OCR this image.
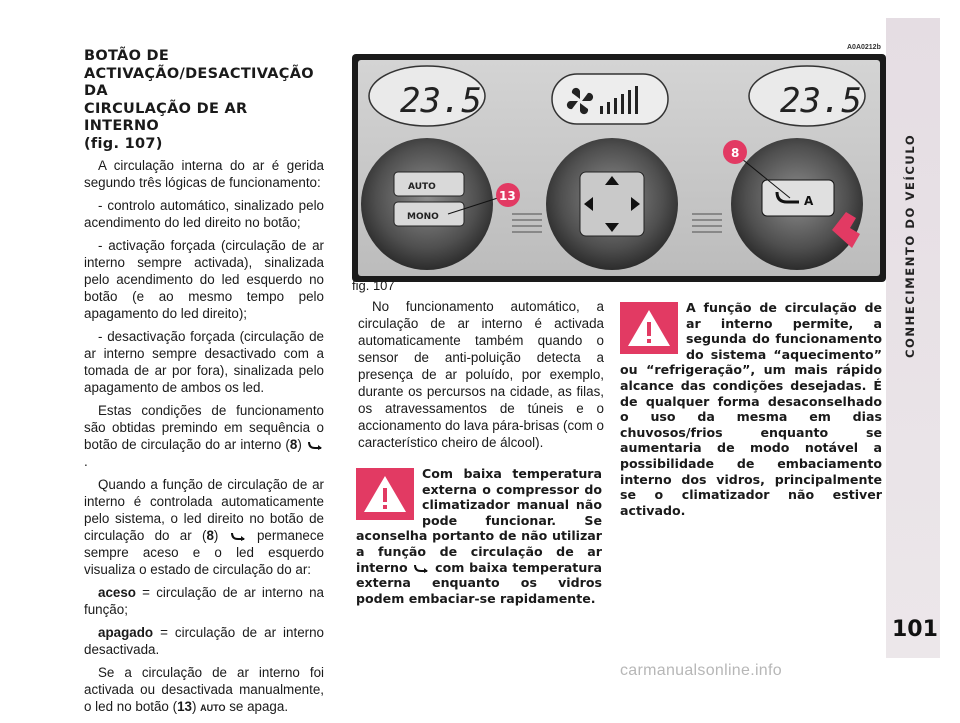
CONHECIMENTO DO VEÍCULO
101
BOTÃO DE
ACTIVAÇÃO/DESACTIVAÇÃO DA
CIRCULAÇÃO DE AR INTERNO
(fig. 107)

A circulação interna do ar é gerida segundo três lógicas de funcionamento:

- controlo automático, sinalizado pelo acendimento do led direito no botão;

- activação forçada (circulação de ar interno sempre activada), sinalizada pelo acendimento do led esquerdo no botão (e ao mesmo tempo pelo apagamento do led direito);

- desactivação forçada (circulação de ar interno sempre desactivado com a tomada de ar por fora), sinalizada pelo apagamento de ambos os led.

Estas condições de funcionamento são obtidas premindo em sequência o botão de circulação do ar interno (8) .

Quando a função de circulação de ar interno é controlada automaticamente pelo sistema, o led direito no botão de circulação do ar (8)  permanece sempre aceso e o led esquerdo visualiza o estado de circulação do ar:

aceso = circulação de ar interno na função;

apagado = circulação de ar interno desactivada.

Se a circulação de ar interno foi activada ou desactivada manualmente, o led no botão (13) AUTO se apaga.

A0A0212b
23.5	23.5
AUTO
MONO
A
13
8
fig. 107

No funcionamento automático, a circulação de ar interno é activada automaticamente também quando o sensor de anti-poluição detecta a presença de ar poluído, por exemplo, durante os percursos na cidade, as filas, os atravessamentos de túneis e o accionamento do lava pára-brisas (com o característico cheiro de álcool).

Com baixa temperatura externa o compressor do climatizador manual não pode funcionar. Se aconselha portanto de não utilizar a função de circulação de ar interno  com baixa temperatura externa enquanto os vidros podem embaciar-se rapidamente.

A função de circulação de ar interno permite, a segunda do funcionamento do sistema “aquecimento” ou “refrigeração”, um mais rápido alcance das condições desejadas. É de qualquer forma desaconselhado o uso da mesma em dias chuvosos/frios enquanto se aumentaria de modo notável a possibilidade de embaciamento interno dos vidros, principalmente se o climatizador não estiver activado.

carmanualsonline.info
